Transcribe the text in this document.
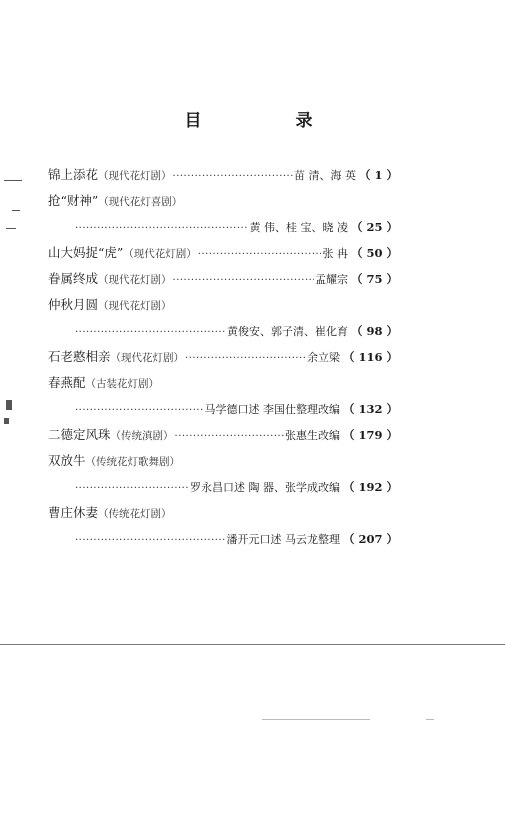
目 录
锦上添花 （现代花灯剧） ·····	苗 清、海 英 （ 1 ）
抢“财神” （现代花灯喜剧）
·····
黄 伟、桂 宝、晓 凌 （ 25 ）
山大妈捉“虎” （现代花灯剧） ·····	张 冉 （ 50 ）
眷属终成 （现代花灯剧） ·····	孟耀宗 （ 75 ）
仲秋月圆 （现代花灯剧）
·····
黄俊安、郭子清、崔化育 （ 98 ）
石老憨相亲 （现代花灯剧） ·····	余立梁 （ 116 ）
春燕配 （古装花灯剧）
·····
马学德口述 李国仕整理改编 （ 132 ）
二德定风珠 （传统滇剧） ·····	张惠生改编 （ 179 ）
双放牛 （传统花灯歌舞剧）
·····
罗永昌口述 陶 器、张学成改编 （ 192 ）
曹庄休妻 （传统花灯剧）
·····
潘开元口述 马云龙整理 （ 207 ）
